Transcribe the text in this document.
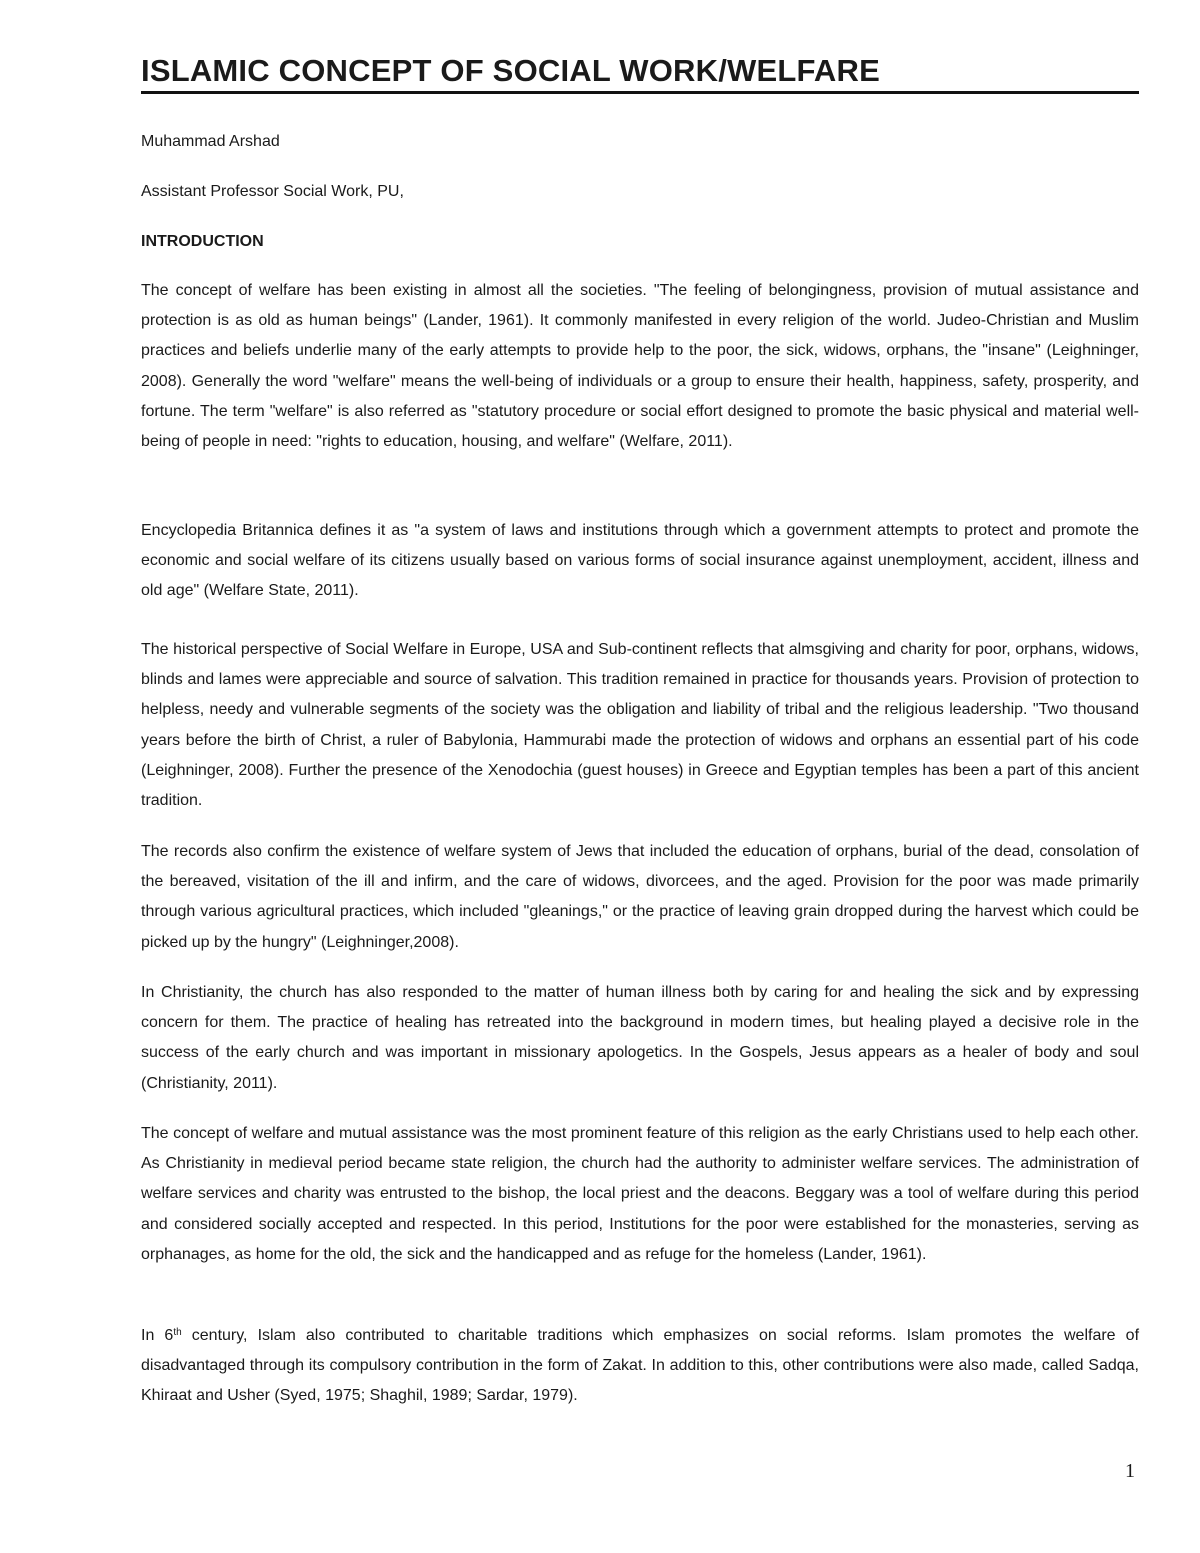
ISLAMIC CONCEPT OF SOCIAL WORK/WELFARE
Muhammad Arshad
Assistant Professor Social Work, PU,
INTRODUCTION

The concept of welfare has been existing in almost all the societies. "The feeling of belongingness, provision of mutual assistance and protection is as old as human beings" (Lander, 1961). It commonly manifested in every religion of the world. Judeo-Christian and Muslim practices and beliefs underlie many of the early attempts to provide help to the poor, the sick, widows, orphans, the "insane" (Leighninger, 2008). Generally the word "welfare" means the well-being of individuals or a group to ensure their health, happiness, safety, prosperity, and fortune. The term "welfare" is also referred as "statutory procedure or social effort designed to promote the basic physical and material well-being of people in need: "rights to education, housing, and welfare" (Welfare, 2011).

Encyclopedia Britannica defines it as "a system of laws and institutions through which a government attempts to protect and promote the economic and social welfare of its citizens usually based on various forms of social insurance against unemployment, accident, illness and old age" (Welfare State, 2011).

The historical perspective of Social Welfare in Europe, USA and Sub-continent reflects that almsgiving and charity for poor, orphans, widows, blinds and lames were appreciable and source of salvation. This tradition remained in practice for thousands years. Provision of protection to helpless, needy and vulnerable segments of the society was the obligation and liability of tribal and the religious leadership. "Two thousand years before the birth of Christ, a ruler of Babylonia, Hammurabi made the protection of widows and orphans an essential part of his code (Leighninger, 2008). Further the presence of the Xenodochia (guest houses) in Greece and Egyptian temples has been a part of this ancient tradition.

The records also confirm the existence of welfare system of Jews that included the education of orphans, burial of the dead, consolation of the bereaved, visitation of the ill and infirm, and the care of widows, divorcees, and the aged. Provision for the poor was made primarily through various agricultural practices, which included "gleanings," or the practice of leaving grain dropped during the harvest which could be picked up by the hungry" (Leighninger,2008).

In Christianity, the church has also responded to the matter of human illness both by caring for and healing the sick and by expressing concern for them. The practice of healing has retreated into the background in modern times, but healing played a decisive role in the success of the early church and was important in missionary apologetics. In the Gospels, Jesus appears as a healer of body and soul (Christianity, 2011).

The concept of welfare and mutual assistance was the most prominent feature of this religion as the early Christians used to help each other. As Christianity in medieval period became state religion, the church had the authority to administer welfare services. The administration of welfare services and charity was entrusted to the bishop, the local priest and the deacons. Beggary was a tool of welfare during this period and considered socially accepted and respected. In this period, Institutions for the poor were established for the monasteries, serving as orphanages, as home for the old, the sick and the handicapped and as refuge for the homeless (Lander, 1961).

In 6th century, Islam also contributed to charitable traditions which emphasizes on social reforms. Islam promotes the welfare of disadvantaged through its compulsory contribution in the form of Zakat. In addition to this, other contributions were also made, called Sadqa, Khiraat and Usher (Syed, 1975; Shaghil, 1989; Sardar, 1979).

1
